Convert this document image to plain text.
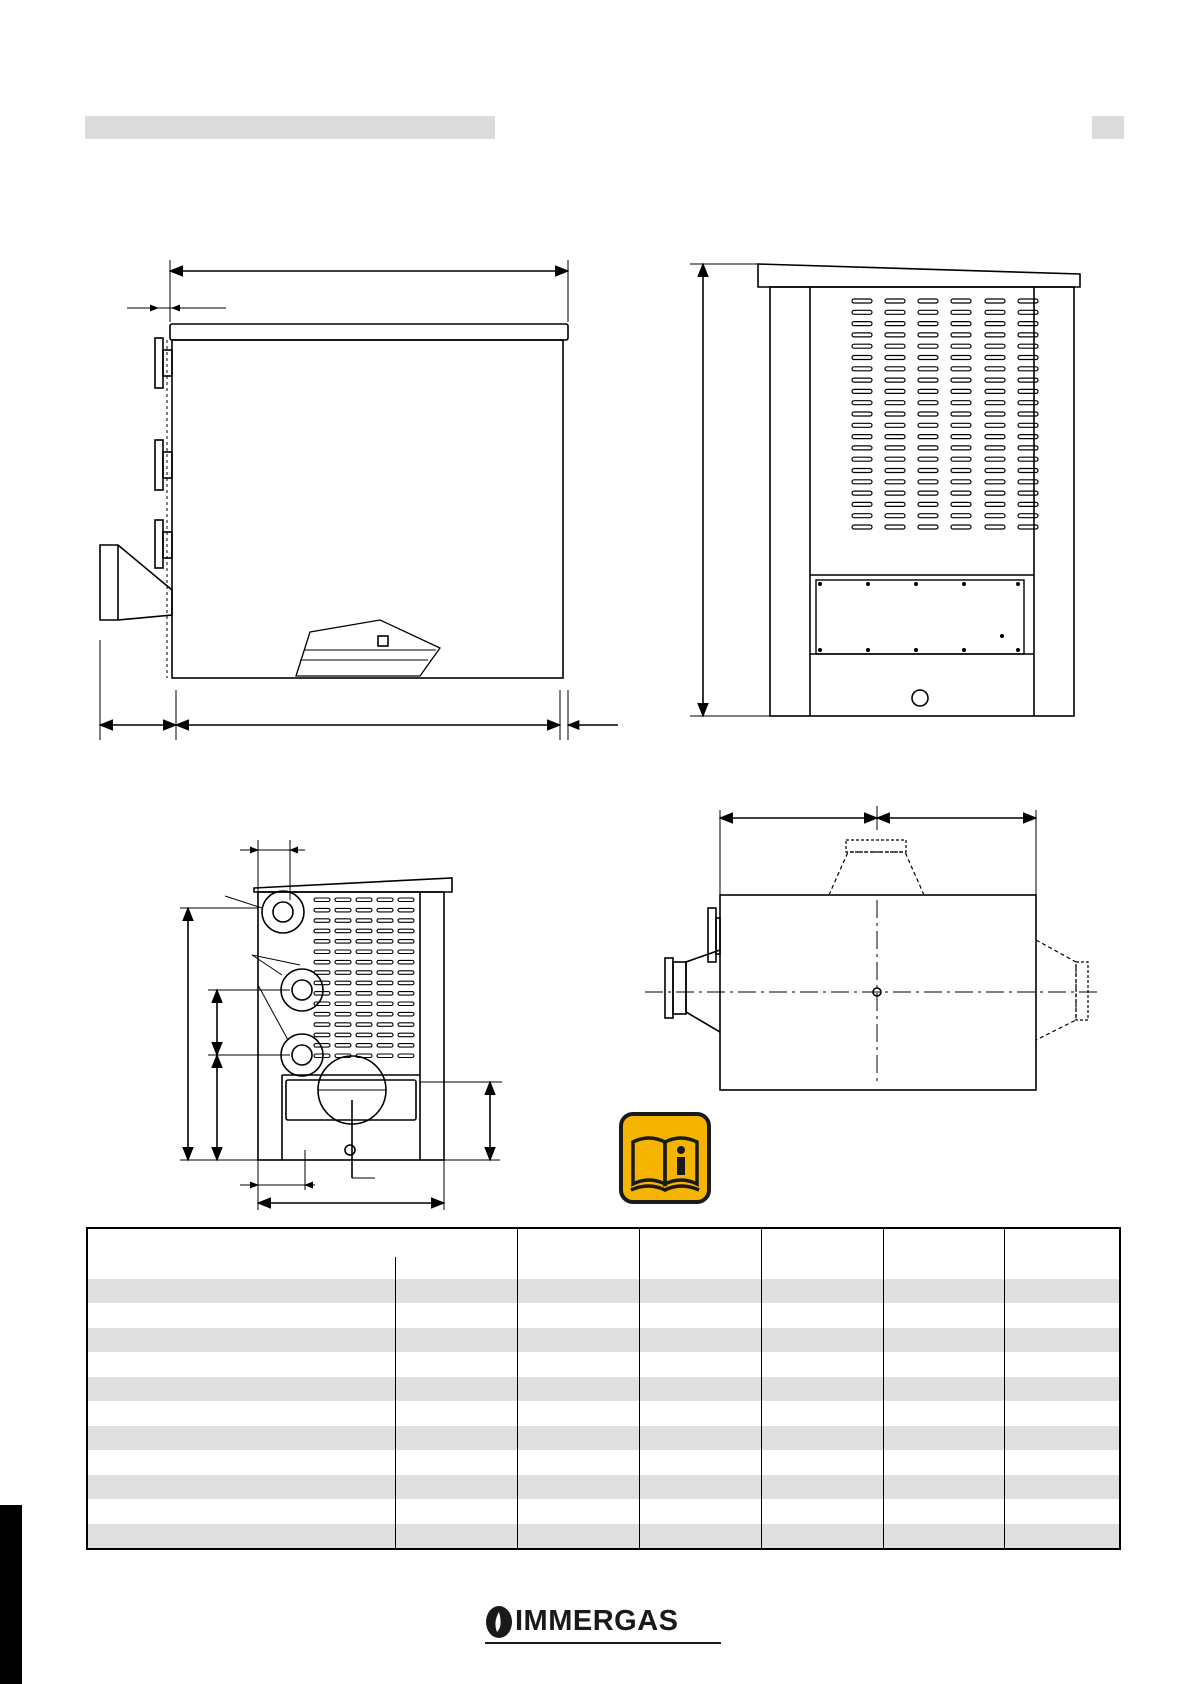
IMMERGAS
